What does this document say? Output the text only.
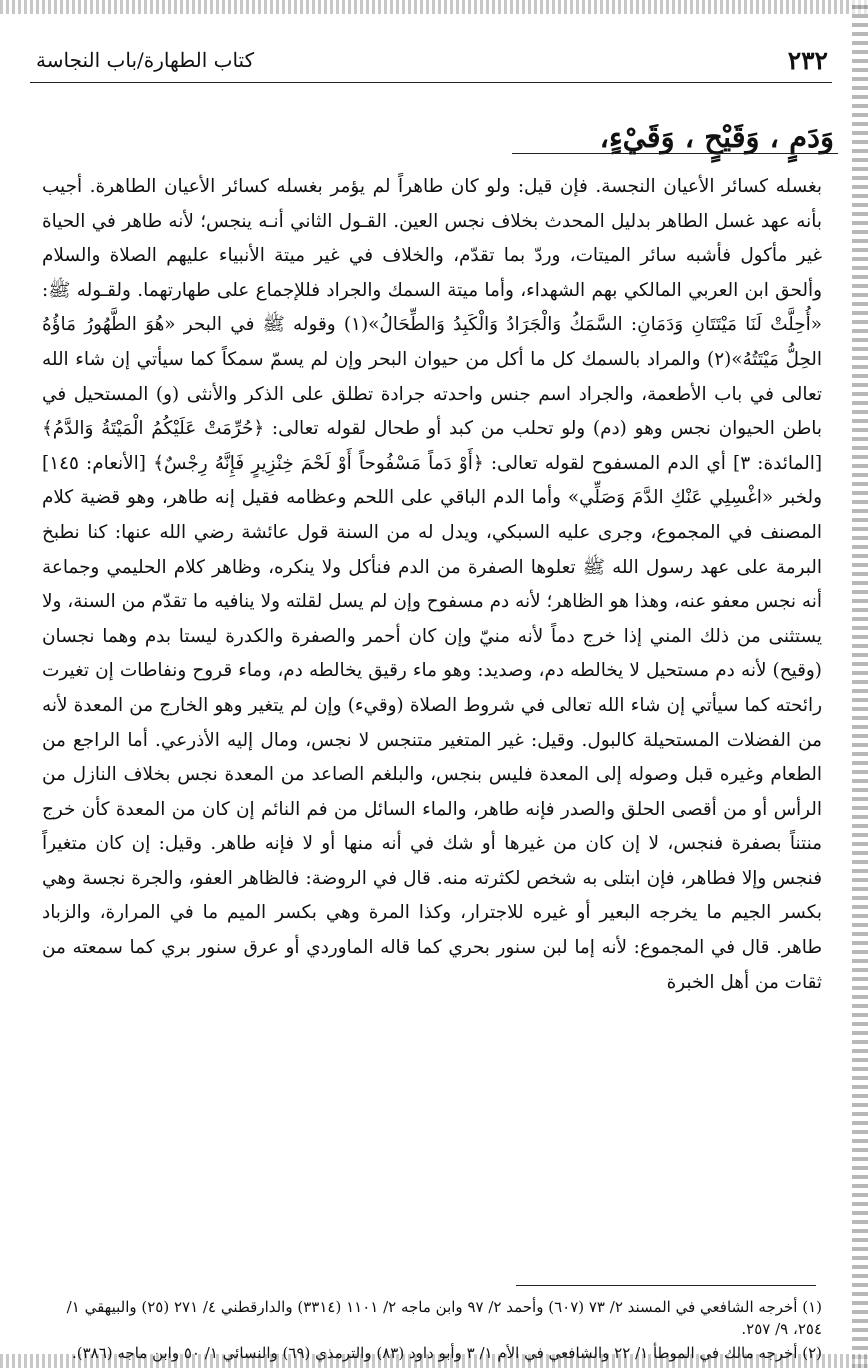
٢٣٢
كتاب الطهارة/باب النجاسة
وَدَمٍ ، وَقَيْحٍ ، وَقَيْءٍ،

بغسله كسائر الأعيان النجسة. فإن قيل: ولو كان طاهراً لم يؤمر بغسله كسائر الأعيان الطاهرة. أجيب بأنه عهد غسل الطاهر بدليل المحدث بخلاف نجس العين. القـول الثاني أنـه ينجس؛ لأنه طاهر في الحياة غير مأكول فأشبه سائر الميتات، وردّ بما تقدّم، والخلاف في غير ميتة الأنبياء عليهم الصلاة والسلام وألحق ابن العربي المالكي بهم الشهداء، وأما ميتة السمك والجراد فللإجماع على طهارتهما. ولقـوله ﷺ: «أُحِلَّتْ لَنَا مَيْتَتَانِ وَدَمَانِ: السَّمَكُ وَالْجَرَادُ وَالْكَبِدُ وَالطِّحَالُ»(١) وقوله ﷺ في البحر «هُوَ الطَّهُورُ مَاؤُهُ الحِلُّ مَيْتَتُهُ»(٢) والمراد بالسمك كل ما أكل من حيوان البحر وإن لم يسمّ سمكاً كما سيأتي إن شاء الله تعالى في باب الأطعمة، والجراد اسم جنس واحدته جرادة تطلق على الذكر والأنثى (و) المستحيل في باطن الحيوان نجس وهو (دم) ولو تحلب من كبد أو طحال لقوله تعالى: ﴿حُرِّمَتْ عَلَيْكُمُ الْمَيْتَةُ وَالدَّمُ﴾ [المائدة: ٣] أي الدم المسفوح لقوله تعالى: ﴿أَوْ دَماً مَسْفُوحاً أَوْ لَحْمَ خِنْزِيرٍ فَإِنَّهُ رِجْسٌ﴾ [الأنعام: ١٤٥] ولخبر «اغْسِلِي عَنْكِ الدَّمَ وَصَلِّي» وأما الدم الباقي على اللحم وعظامه فقيل إنه طاهر، وهو قضية كلام المصنف في المجموع، وجرى عليه السبكي، ويدل له من السنة قول عائشة رضي الله عنها: كنا نطبخ البرمة على عهد رسول الله ﷺ تعلوها الصفرة من الدم فنأكل ولا ينكره، وظاهر كلام الحليمي وجماعة أنه نجس معفو عنه، وهذا هو الظاهر؛ لأنه دم مسفوح وإن لم يسل لقلته ولا ينافيه ما تقدّم من السنة، ولا يستثنى من ذلك المني إذا خرج دماً لأنه منيّ وإن كان أحمر والصفرة والكدرة ليستا بدم وهما نجسان (وقيح) لأنه دم مستحيل لا يخالطه دم، وصديد: وهو ماء رقيق يخالطه دم، وماء قروح ونفاطات إن تغيرت رائحته كما سيأتي إن شاء الله تعالى في شروط الصلاة (وقيء) وإن لم يتغير وهو الخارج من المعدة لأنه من الفضلات المستحيلة كالبول. وقيل: غير المتغير متنجس لا نجس، ومال إليه الأذرعي. أما الراجع من الطعام وغيره قبل وصوله إلى المعدة فليس بنجس، والبلغم الصاعد من المعدة نجس بخلاف النازل من الرأس أو من أقصى الحلق والصدر فإنه طاهر، والماء السائل من فم النائم إن كان من المعدة كأن خرج منتناً بصفرة فنجس، لا إن كان من غيرها أو شك في أنه منها أو لا فإنه طاهر. وقيل: إن كان متغيراً فنجس وإلا فطاهر، فإن ابتلى به شخص لكثرته منه. قال في الروضة: فالظاهر العفو، والجرة نجسة وهي بكسر الجيم ما يخرجه البعير أو غيره للاجترار، وكذا المرة وهي بكسر الميم ما في المرارة، والزباد طاهر. قال في المجموع: لأنه إما لبن سنور بحري كما قاله الماوردي أو عرق سنور بري كما سمعته من ثقات من أهل الخبرة

(١) أخرجه الشافعي في المسند ٢/ ٧٣ (٦٠٧) وأحمد ٢/ ٩٧ وابن ماجه ٢/ ١١٠١ (٣٣١٤) والدارقطني ٤/ ٢٧١ (٢٥) والبيهقي ١/ ٢٥٤، ٩/ ٢٥٧.

(٢) أخرجه مالك في الموطأ ١/ ٢٢ والشافعي في الأم ١/ ٣ وأبو داود (٨٣) والترمذي (٦٩) والنسائي ١/ ٥٠ وابن ماجه (٣٨٦).
